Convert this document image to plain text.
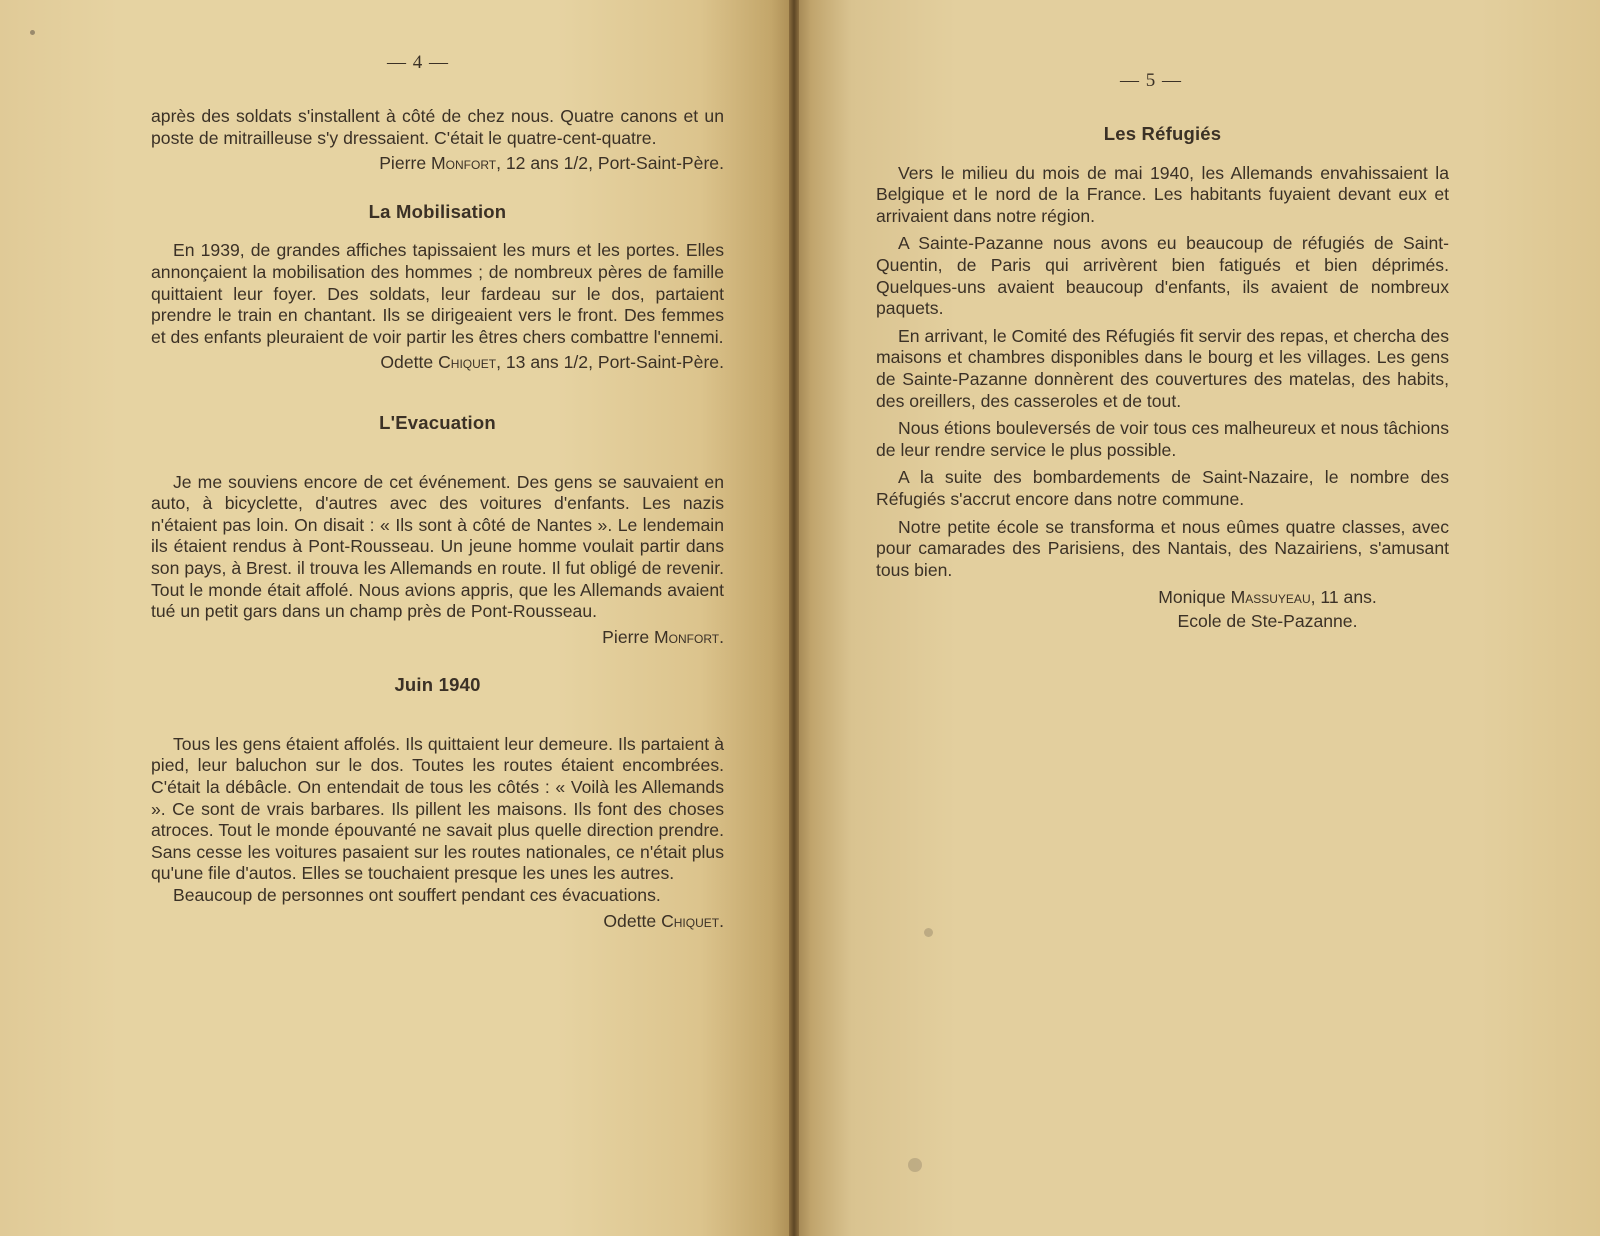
— 4 —

après des soldats s'installent à côté de chez nous. Quatre canons et un poste de mitrailleuse s'y dressaient. C'était le quatre-cent-quatre.

Pierre Monfort, 12 ans 1/2, Port-Saint-Père.

La Mobilisation

En 1939, de grandes affiches tapissaient les murs et les portes. Elles annonçaient la mobilisation des hommes ; de nombreux pères de famille quittaient leur foyer. Des soldats, leur fardeau sur le dos, partaient prendre le train en chantant. Ils se dirigeaient vers le front. Des femmes et des enfants pleuraient de voir partir les êtres chers combattre l'ennemi.

Odette Chiquet, 13 ans 1/2, Port-Saint-Père.

L'Evacuation

Je me souviens encore de cet événement. Des gens se sauvaient en auto, à bicyclette, d'autres avec des voitures d'enfants. Les nazis n'étaient pas loin. On disait : « Ils sont à côté de Nantes ». Le lendemain ils étaient rendus à Pont-Rousseau. Un jeune homme voulait partir dans son pays, à Brest. il trouva les Allemands en route. Il fut obligé de revenir. Tout le monde était affolé. Nous avions appris, que les Allemands avaient tué un petit gars dans un champ près de Pont-Rousseau.

Pierre Monfort.

Juin 1940

Tous les gens étaient affolés. Ils quittaient leur demeure. Ils partaient à pied, leur baluchon sur le dos. Toutes les routes étaient encombrées. C'était la débâcle. On entendait de tous les côtés : « Voilà les Allemands ». Ce sont de vrais barbares. Ils pillent les maisons. Ils font des choses atroces. Tout le monde épouvanté ne savait plus quelle direction prendre. Sans cesse les voitures pasaient sur les routes nationales, ce n'était plus qu'une file d'autos. Elles se touchaient presque les unes les autres.

Beaucoup de personnes ont souffert pendant ces évacuations.

Odette Chiquet.

— 5 —
Les Réfugiés

Vers le milieu du mois de mai 1940, les Allemands envahissaient la Belgique et le nord de la France. Les habitants fuyaient devant eux et arrivaient dans notre région.

A Sainte-Pazanne nous avons eu beaucoup de réfugiés de Saint-Quentin, de Paris qui arrivèrent bien fatigués et bien déprimés. Quelques-uns avaient beaucoup d'enfants, ils avaient de nombreux paquets.

En arrivant, le Comité des Réfugiés fit servir des repas, et chercha des maisons et chambres disponibles dans le bourg et les villages. Les gens de Sainte-Pazanne donnèrent des couvertures des matelas, des habits, des oreillers, des casseroles et de tout.

Nous étions bouleversés de voir tous ces malheureux et nous tâchions de leur rendre service le plus possible.

A la suite des bombardements de Saint-Nazaire, le nombre des Réfugiés s'accrut encore dans notre commune.

Notre petite école se transforma et nous eûmes quatre classes, avec pour camarades des Parisiens, des Nantais, des Nazairiens, s'amusant tous bien.

Monique Massuyeau, 11 ans.

Ecole de Ste-Pazanne.
